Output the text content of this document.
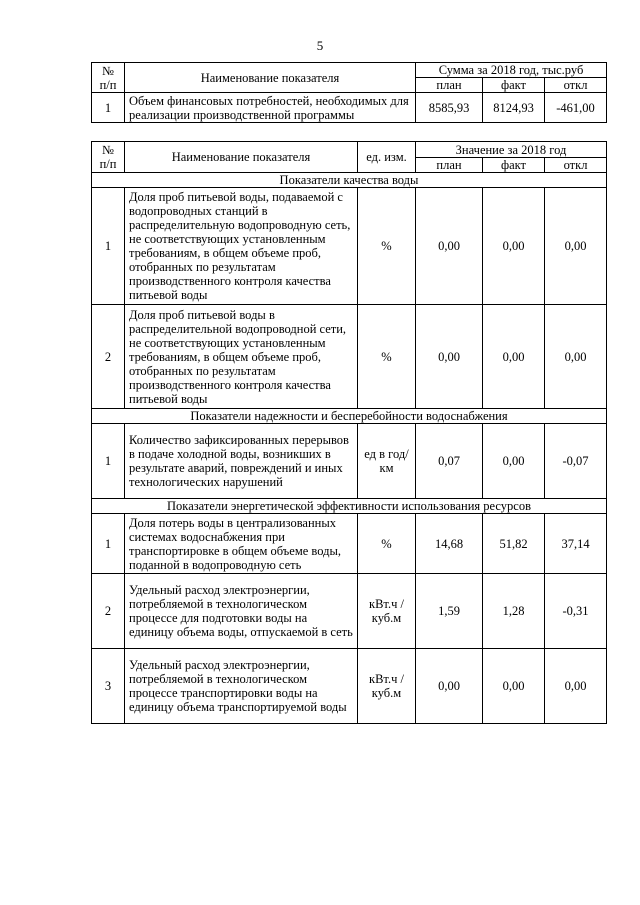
5
№ п/п	Наименование показателя	Сумма за 2018 год, тыс.руб		
		план	факт	откл
1	Объем финансовых потребностей, необходимых для реализации производственной программы	8585,93	8124,93	-461,00
№ п/п	Наименование показателя	ед. изм.	Значение за 2018 год		
			план	факт	откл
Показатели качества воды					
1	Доля проб питьевой воды, подаваемой с водопроводных станций в распределительную водопроводную сеть, не соответствующих установленным требованиям, в общем объеме проб, отобранных по результатам производственного контроля качества питьевой воды	%	0,00	0,00	0,00
2	Доля проб питьевой воды в распределительной водопроводной сети, не соответствующих установленным требованиям, в общем объеме проб, отобранных по результатам производственного контроля качества питьевой воды	%	0,00	0,00	0,00
Показатели надежности и бесперебойности водоснабжения					
1	Количество зафиксированных перерывов в подаче холодной воды, возникших в результате аварий, повреждений и иных технологических нарушений	ед в год/ км	0,07	0,00	-0,07
Показатели энергетической эффективности использования ресурсов					
1	Доля потерь воды в централизованных системах водоснабжения при транспортировке в общем объеме воды, поданной в водопроводную сеть	%	14,68	51,82	37,14
2	Удельный расход электроэнергии, потребляемой в технологическом процессе для подготовки воды на единицу объема воды, отпускаемой в сеть	кВт.ч / куб.м	1,59	1,28	-0,31
3	Удельный расход электроэнергии, потребляемой в технологическом процессе транспортировки воды на единицу объема транспортируемой воды	кВт.ч / куб.м	0,00	0,00	0,00
